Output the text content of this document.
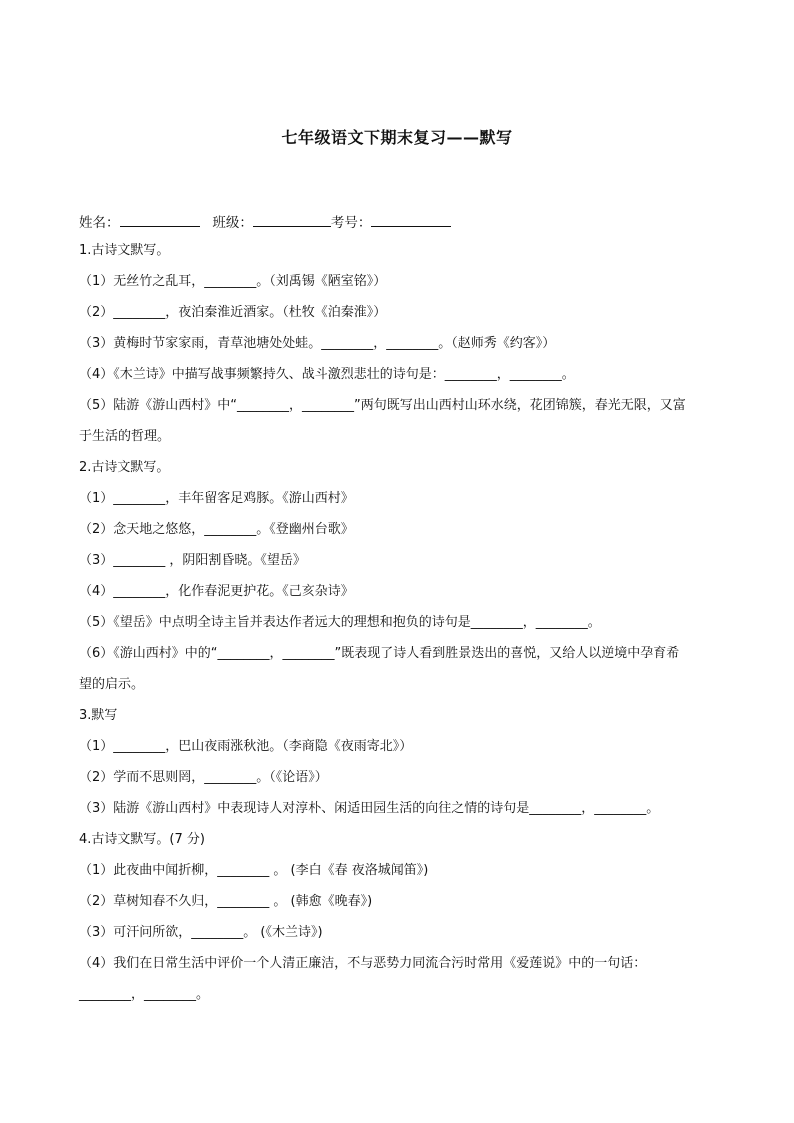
七年级语文下期末复习——默写
姓名：	班级：	考号：
1.古诗文默写。
（1）无丝竹之乱耳，________。（刘禹锡《陋室铭》）
（2）________，夜泊秦淮近酒家。（杜牧《泊秦淮》）
（3）黄梅时节家家雨，青草池塘处处蛙。________，________。（赵师秀《约客》）
（4）《木兰诗》中描写战事频繁持久、战斗激烈悲壮的诗句是：________，________。
（5）陆游《游山西村》中“________，________”两句既写出山西村山环水绕，花团锦簇，春光无限，又富
于生活的哲理。
2.古诗文默写。
（1）________，丰年留客足鸡豚。《游山西村》
（2）念天地之悠悠，________。《登幽州台歌》
（3）________ ，阴阳割昏晓。《望岳》
（4）________，化作春泥更护花。《己亥杂诗》
（5）《望岳》中点明全诗主旨并表达作者远大的理想和抱负的诗句是________，________。
（6）《游山西村》中的“________，________”既表现了诗人看到胜景迭出的喜悦，又给人以逆境中孕育希
望的启示。
3.默写
（1）________，巴山夜雨涨秋池。（李商隐《夜雨寄北》）
（2）学而不思则罔，________。（《论语》）
（3）陆游《游山西村》中表现诗人对淳朴、闲适田园生活的向往之情的诗句是________，________。
4.古诗文默写。(7 分)
（1）此夜曲中闻折柳，________ 。 (李白《春 夜洛城闻笛》)
（2）草树知春不久归，________ 。 (韩愈《晚春》)
（3）可汗问所欲，________。 (《木兰诗》)
（4）我们在日常生活中评价一个人清正廉洁，不与恶势力同流合污时常用《爱莲说》中的一句话：
________，________。
